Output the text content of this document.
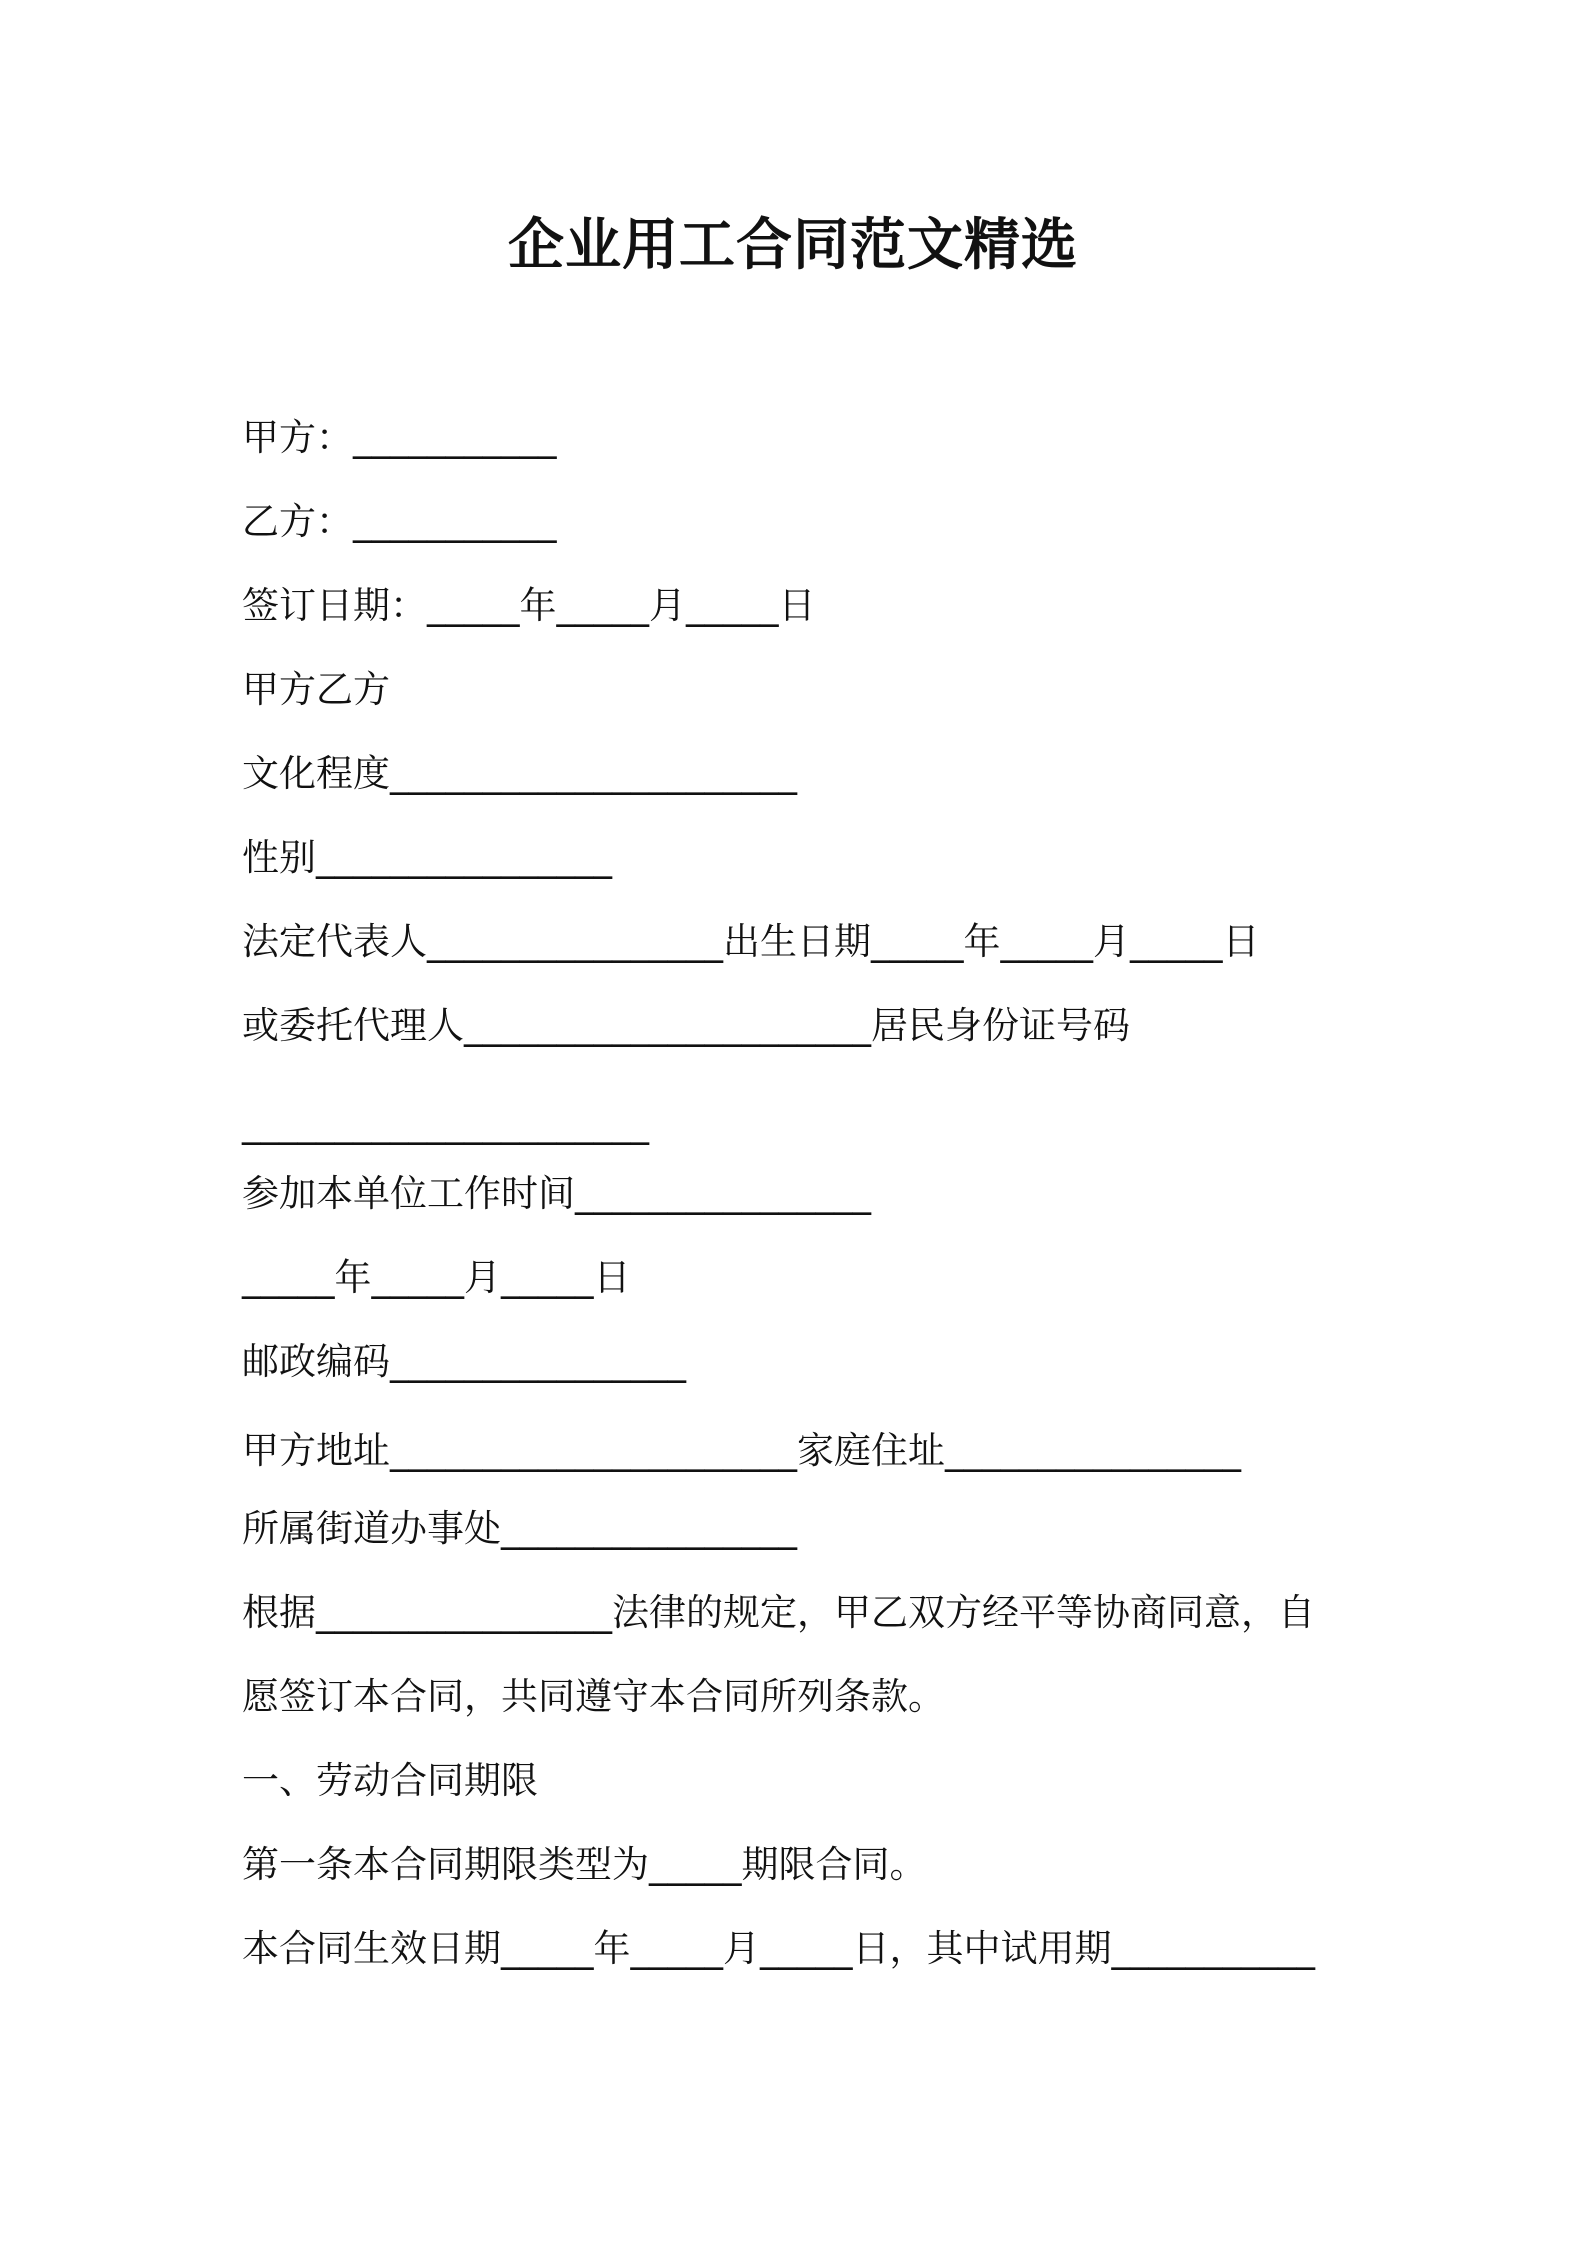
企业用工合同范文精选
甲方：___________
乙方：___________
签订日期：_____年_____月_____日
甲方乙方
文化程度______________________
性别________________
法定代表人________________出生日期_____年_____月_____日
或委托代理人______________________居民身份证号码
______________________
参加本单位工作时间________________
_____年_____月_____日
邮政编码________________
甲方地址______________________家庭住址________________
所属街道办事处________________
根据________________法律的规定，甲乙双方经平等协商同意，自
愿签订本合同，共同遵守本合同所列条款。
一、劳动合同期限
第一条本合同期限类型为_____期限合同。
本合同生效日期_____年_____月_____日，其中试用期___________
